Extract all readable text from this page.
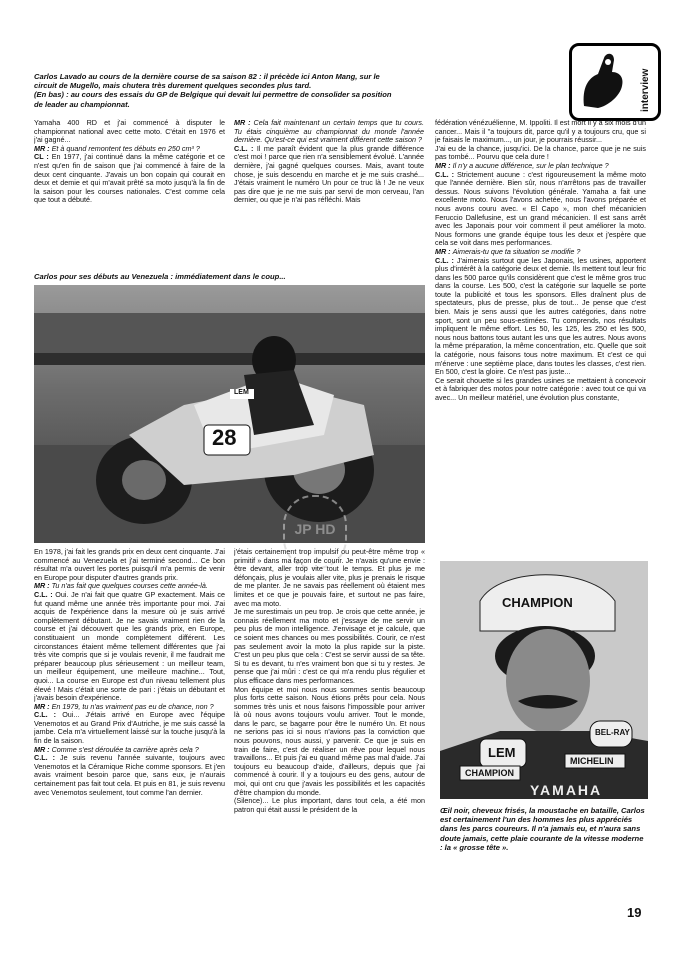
interview
Carlos Lavado au cours de la dernière course de sa saison 82 : il précède ici Anton Mang, sur le circuit de Mugello, mais chutera très durement quelques secondes plus tard.
(En bas) : au cours des essais du GP de Belgique qui devait lui permettre de consolider sa position de leader au championnat.

Yamaha 400 RD et j'ai commencé à disputer le championnat national avec cette moto. C'était en 1976 et j'ai gagné...

MR : Et à quand remontent tes débuts en 250 cm³ ?

CL : En 1977, j'ai continué dans la même catégorie et ce n'est qu'en fin de saison que j'ai commencé à faire de la deux cent cinquante. J'avais un bon copain qui courait en deux et demie et qui m'avait prêté sa moto jusqu'à la fin de la saison pour les courses nationales. C'est comme cela que tout a débuté.

MR : Cela fait maintenant un certain temps que tu cours. Tu étais cinquième au championnat du monde l'année dernière. Qu'est-ce qui est vraiment différent cette saison ?

C.L. : Il me paraît évident que la plus grande différence c'est moi ! parce que rien n'a sensiblement évolué. L'année dernière, j'ai gagné quelques courses. Mais, avant toute chose, je suis descendu en marche et je me suis crashé... J'étais vraiment le numéro Un pour ce truc là ! Je ne veux pas dire que je ne me suis par servi de mon cerveau, l'an dernier, ou que je n'ai pas réfléchi. Mais

Carlos pour ses débuts au Venezuela : immédiatement dans le coup...
28
LEM
JP HD

fédération vénézuélienne, M. Ippoliti. Il est mort il y a six mois d'un cancer... Mais il "a toujours dit, parce qu'il y a toujours cru, que si je faisais le maximum..., un jour, je pourrais réussir...

J'ai eu de la chance, jusqu'ici. De la chance, parce que je ne suis pas tombé... Pourvu que cela dure !

MR : Il n'y a aucune différence, sur le plan technique ?

C.L. : Strictement aucune : c'est rigoureusement la même moto que l'année dernière. Bien sûr, nous n'arrêtons pas de travailler dessus. Nous suivons l'évolution générale. Yamaha a fait une excellente moto. Nous l'avons achetée, nous l'avons préparée et nous avons couru avec. « El Capo », mon chef mécanicien Feruccio Dallefusine, est un grand mécanicien. Il est sans arrêt avec les Japonais pour voir comment il peut améliorer la moto. Nous formons une grande équipe tous les deux et j'espère que cela se voit dans mes performances.

MR : Aimerais-tu que ta situation se modifie ?

C.L. : J'aimerais surtout que les Japonais, les usines, apportent plus d'intérêt à la catégorie deux et demie. Ils mettent tout leur fric dans les 500 parce qu'ils considèrent que c'est le même gros truc dans la course. Les 500, c'est la catégorie sur laquelle se porte toute la publicité et tous les sponsors. Elles draînent plus de spectateurs, plus de presse, plus de tout... Je pense que c'est bien. Mais je sens aussi que les autres catégories, dans notre sport, sont un peu sous-estimées. Tu comprends, nos résultats impliquent le même effort. Les 50, les 125, les 250 et les 500, nous nous battons tous autant les uns que les autres. Nous avons la même préparation, la même concentration, etc. Quelle que soit la catégorie, nous faisons tous notre maximum. Et c'est ce qui m'énerve : une septième place, dans toutes les classes, c'est rien. En 500, c'est la gloire. Ce n'est pas juste...

Ce serait chouette si les grandes usines se mettaient à concevoir et à fabriquer des motos pour notre catégorie : avec tout ce qui va avec... Un meilleur matériel, une évolution plus constante,

En 1978, j'ai fait les grands prix en deux cent cinquante. J'ai commencé au Venezuela et j'ai terminé second... Ce bon résultat m'a ouvert les portes puisqu'il m'a permis de venir en Europe pour disputer d'autres grands prix.

MR : Tu n'as fait que quelques courses cette année-là.

C.L. : Oui. Je n'ai fait que quatre GP exactement. Mais ce fut quand même une année très importante pour moi. J'ai acquis de l'expérience dans la mesure où je suis arrivé complètement débutant. Je ne savais vraiment rien de la course et j'ai découvert que les grands prix, en Europe, constituaient un monde complètement différent. Les circonstances étaient même tellement différentes que j'ai très vite compris que si je voulais revenir, il me faudrait me préparer beaucoup plus sérieusement : un meilleur team, un meilleur équipement, une meilleure machine... Tout, quoi... La course en Europe est d'un niveau tellement plus élevé ! Mais c'était une sorte de pari : j'étais un débutant et j'avais besoin d'expérience.

MR : En 1979, tu n'as vraiment pas eu de chance, non ?

C.L. : Oui... J'étais arrivé en Europe avec l'équipe Venemotos et au Grand Prix d'Autriche, je me suis cassé la jambe. Cela m'a virtuellement laissé sur la touche jusqu'à la fin de la saison.

MR : Comme s'est déroulée ta carrière après cela ?

C.L. : Je suis revenu l'année suivante, toujours avec Venemotos et la Céramique Riche comme sponsors. Et j'en avais vraiment besoin parce que, sans eux, je n'aurais certainement pas fait tout cela. Et puis en 81, je suis revenu avec Venemotos seulement, tout comme l'an dernier.

j'étais certainement trop impulsif ou peut-être même trop « primitif » dans ma façon de courir. Je n'avais qu'une envie : être devant, aller trop vite tout le temps. Et plus je me défonçais, plus je voulais aller vite, plus je prenais le risque de me planter. Je ne savais pas réellement où étaient mes limites et ce que je pouvais faire, et surtout ne pas faire, avec ma moto.

Je me surestimais un peu trop. Je crois que cette année, je connais réellement ma moto et j'essaye de me servir un peu plus de mon intelligence. J'envisage et je calcule, que ce soient mes chances ou mes possibilités. Courir, ce n'est pas seulement avoir la moto la plus rapide sur la piste. C'est un peu plus que cela : C'est se servir aussi de sa tête. Si tu es devant, tu n'es vraiment bon que si tu y restes. Je pense que j'ai mûri : c'est ce qui m'a rendu plus régulier et plus efficace dans mes performances.

Mon équipe et moi nous nous sommes sentis beaucoup plus forts cette saison. Nous étions prêts pour cela. Nous sommes très unis et nous faisons l'impossible pour arriver là où nous avons toujours voulu arriver. Tout le monde, dans le parc, se bagarre pour être le numéro Un. Et nous ne serions pas ici si nous n'avions pas la conviction que nous pouvons, nous aussi, y parvenir. Ce que je suis en train de faire, c'est de réaliser un rêve pour lequel nous travaillons... Et puis j'ai eu quand même pas mal d'aide. J'ai toujours eu beaucoup d'aide, d'ailleurs, depuis que j'ai commencé à courir. Il y a toujours eu des gens, autour de moi, qui ont cru que j'avais les possibilités et les capacités d'être champion du monde.

(Silence)... Le plus important, dans tout cela, a été mon patron qui était aussi le président de la

CHAMPION
LEM
BEL-RAY
MICHELIN
CHAMPION
YAMAHA
Œil noir, cheveux frisés, la moustache en bataille, Carlos est certainement l'un des hommes les plus appréciés dans les parcs coureurs. Il n'a jamais eu, et n'aura sans doute jamais, cette plaie courante de la vitesse moderne : la « grosse tête ».
19
